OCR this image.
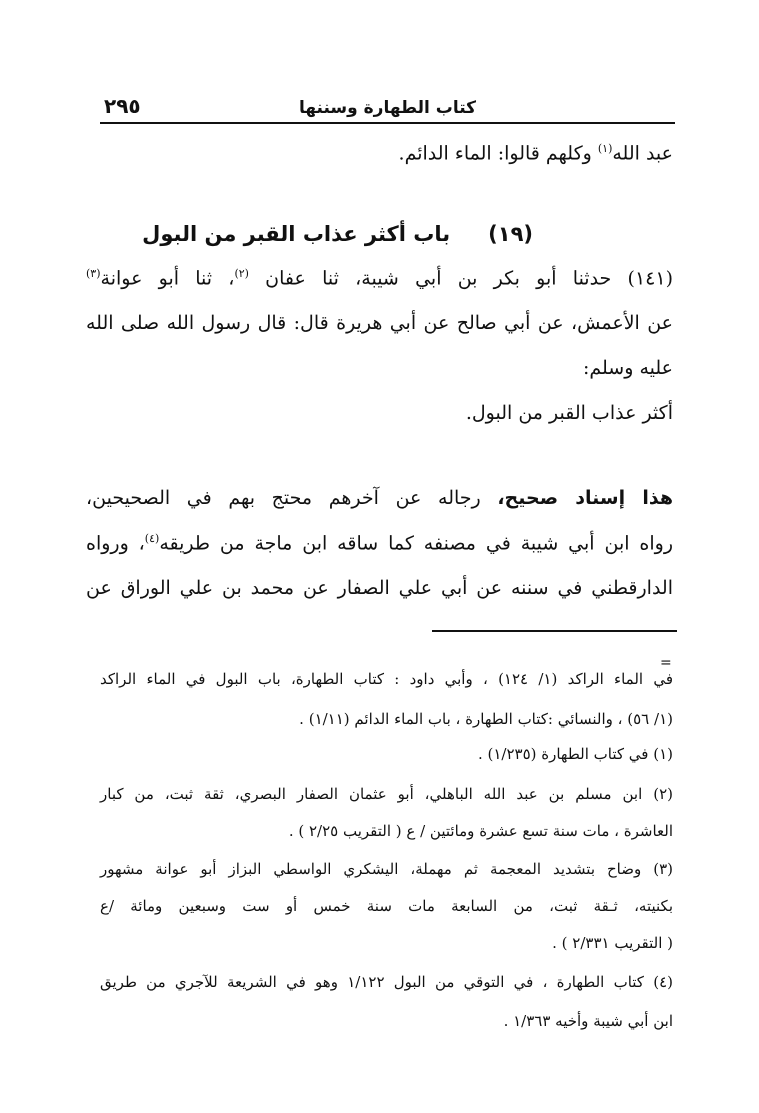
٢٩٥	كتاب الطهارة وسننها
عبد الله$^{(١)}$ وكلهم قالوا: الماء الدائم.
(١٩)باب أكثر عذاب القبر من البول
(١٤١) حدثنا أبو بكر بن أبي شيبة، ثنا عفان $^{(٢)}$، ثنا أبو عوانة$^{(٣)}$
عن الأعمش، عن أبي صالح عن أبي هريرة قال: قال رسول الله صلى الله
عليه وسلم:
أكثر عذاب القبر من البول.
هذا إسناد صحيح، رجاله عن آخرهم محتج بهم في الصحيحين،
رواه ابن أبي شيبة في مصنفه كما ساقه ابن ماجة من طريقه$^{(٤)}$، ورواه
الدارقطني في سننه عن أبي علي الصفار عن محمد بن علي الوراق عن
=
في الماء الراكد (١/ ١٢٤) ، وأبي داود : كتاب الطهارة، باب البول في الماء الراكد
(١/ ٥٦) ، والنسائي :كتاب الطهارة ، باب الماء الدائم (١/١١) .
(١) في كتاب الطهارة (١/٢٣٥) .
(٢) ابن مسلم بن عبد الله الباهلي، أبو عثمان الصفار البصري، ثقة ثبت، من كبار
العاشرة ، مات سنة تسع عشرة ومائتين / ع ( التقريب ٢/٢٥ ) .
(٣) وضاح بتشديد المعجمة ثم مهملة، اليشكري الواسطي البزاز أبو عوانة مشهور
بكنيته، ثـقة ثبت، من السابعة مات سنة خمس أو ست وسبعين ومائة /ع
( التقريب ٢/٣٣١ ) .
(٤) كتاب الطهارة ، في التوقي من البول ١/١٢٢ وهو في الشريعة للآجري من طريق
ابن أبي شيبة وأخيه ١/٣٦٣ .
